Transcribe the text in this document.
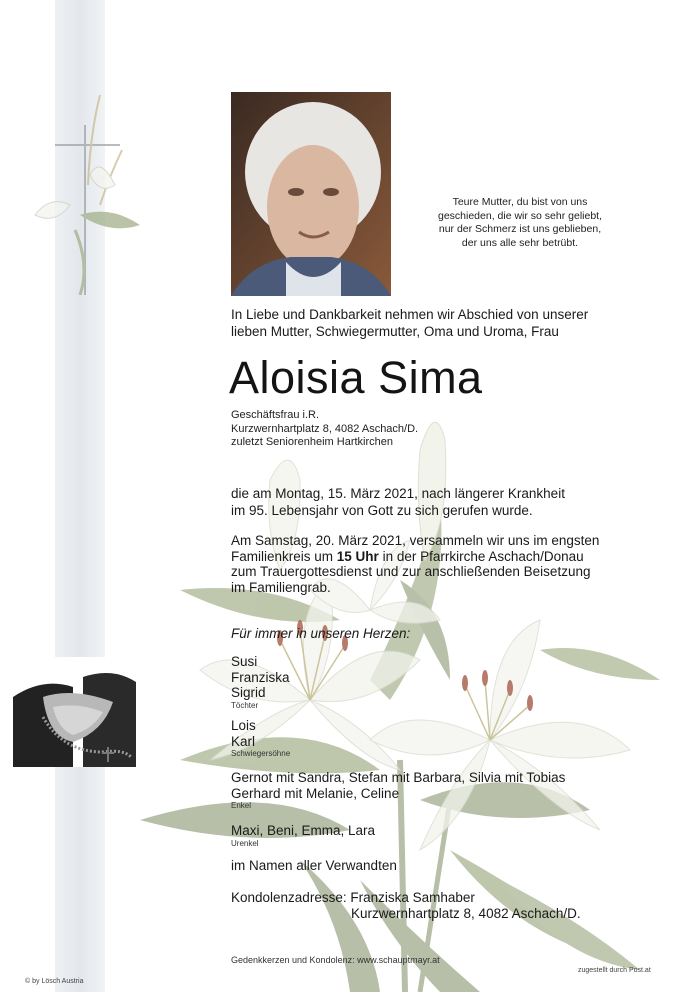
Teure Mutter, du bist von uns
geschieden, die wir so sehr geliebt,
nur der Schmerz ist uns geblieben,
der uns alle sehr betrübt.
In Liebe und Dankbarkeit nehmen wir Abschied von unserer
lieben Mutter, Schwiegermutter, Oma und Uroma, Frau
Aloisia Sima
Geschäftsfrau i.R.
Kurzwernhartplatz 8, 4082 Aschach/D.
zuletzt Seniorenheim Hartkirchen
die am Montag, 15. März 2021, nach längerer Krankheit
im 95. Lebensjahr von Gott zu sich gerufen wurde.
Am Samstag, 20. März 2021, versammeln wir uns im engsten
Familienkreis um 15 Uhr in der Pfarrkirche Aschach/Donau
zum Trauergottesdienst und zur anschließenden Beisetzung
im Familiengrab.
Für immer in unseren Herzen:
Susi
Franziska
Sigrid
Töchter
Lois
Karl
Schwiegersöhne
Gernot mit Sandra, Stefan mit Barbara, Silvia mit Tobias
Gerhard mit Melanie, Celine
Enkel
Maxi, Beni, Emma, Lara
Urenkel
im Namen aller Verwandten
Kondolenzadresse: Franziska Samhaber
Kurzwernhartplatz 8, 4082 Aschach/D.
Gedenkkerzen und Kondolenz: www.schauptmayr.at
© by Lösch Austria
zugestellt durch Post.at
